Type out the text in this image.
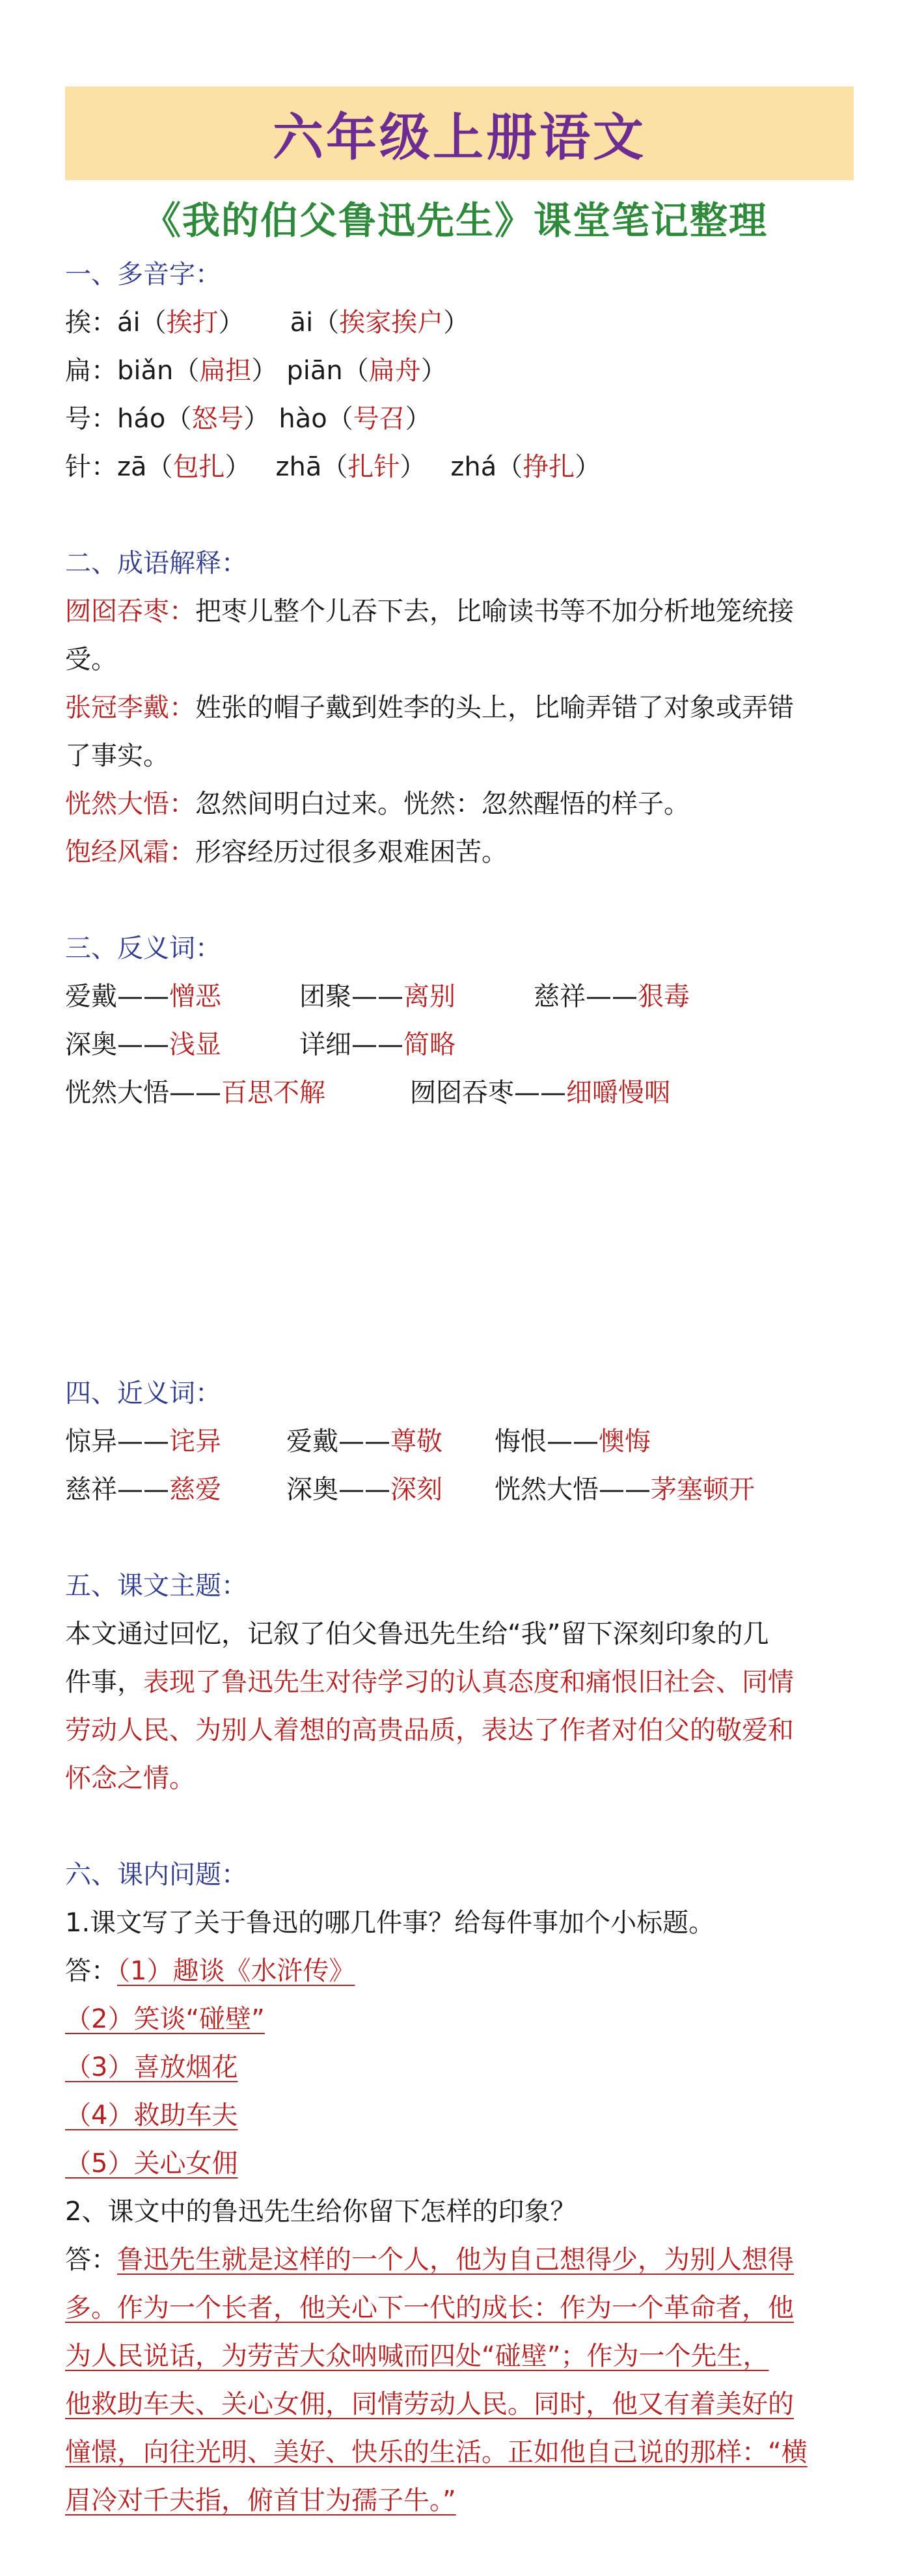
六年级上册语文
《我的伯父鲁迅先生》课堂笔记整理
一、多音字：
挨：ái（挨打） āi（挨家挨户）
扁：biǎn（扁担） piān（扁舟）
号：háo（怒号） hào（号召）
针：zā（包扎） zhā（扎针） zhá（挣扎）
二、成语解释：
囫囵吞枣：把枣儿整个儿吞下去，比喻读书等不加分析地笼统接
受。
张冠李戴：姓张的帽子戴到姓李的头上，比喻弄错了对象或弄错
了事实。
恍然大悟：忽然间明白过来。恍然：忽然醒悟的样子。
饱经风霜：形容经历过很多艰难困苦。
三、反义词：
爱戴——憎恶	团聚——离别	慈祥——狠毒
深奥——浅显	详细——简略
恍然大悟——百思不解	囫囵吞枣——细嚼慢咽
四、近义词：
惊异——诧异	爱戴——尊敬 悔恨——懊悔
慈祥——慈爱	深奥——深刻 恍然大悟——茅塞顿开
五、课文主题：
本文通过回忆，记叙了伯父鲁迅先生给“我”留下深刻印象的几
件事，表现了鲁迅先生对待学习的认真态度和痛恨旧社会、同情
劳动人民、为别人着想的高贵品质，表达了作者对伯父的敬爱和
怀念之情。
六、课内问题：
1.课文写了关于鲁迅的哪几件事？给每件事加个小标题。
答：（1）趣谈《水浒传》
（2）笑谈“碰壁”
（3）喜放烟花
（4）救助车夫
（5）关心女佣
2、课文中的鲁迅先生给你留下怎样的印象？
答：鲁迅先生就是这样的一个人，他为自己想得少，为别人想得
多。作为一个长者，他关心下一代的成长：作为一个革命者，他
为人民说话，为劳苦大众呐喊而四处“碰壁”；作为一个先生，
他救助车夫、关心女佣，同情劳动人民。同时，他又有着美好的
憧憬，向往光明、美好、快乐的生活。正如他自己说的那样：“横
眉冷对千夫指，俯首甘为孺子牛。”
